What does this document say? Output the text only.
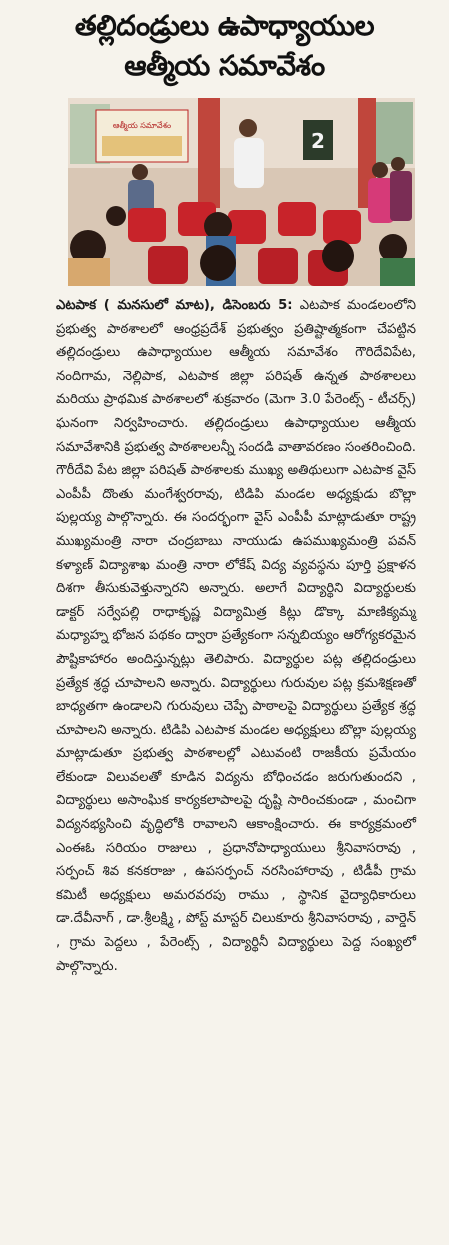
తల్లిదండ్రులు ఉపాధ్యాయుల
ఆత్మీయ సమావేశం
ఆత్మీయ సమావేశం
2

ఎటపాక ( మనసులో మాట), డిసెంబరు 5: ఎటపాక మండలంలోని ప్రభుత్వ పాఠశాలలో ఆంధ్రప్రదేశ్ ప్రభుత్వం ప్రతిష్టాత్మకంగా చేపట్టిన తల్లిదండ్రులు ఉపాధ్యాయుల ఆత్మీయ సమావేశం గౌరిదేవిపేట, నందిగామ, నెల్లిపాక, ఎటపాక జిల్లా పరిషత్ ఉన్నత పాఠశాలలు మరియు ప్రాథమిక పాఠశాలలో శుక్రవారం (మెగా 3.0 పేరెంట్స్ - టీచర్స్) ఘనంగా నిర్వహించారు. తల్లిదండ్రులు ఉపాధ్యాయుల ఆత్మీయ సమావేశానికి ప్రభుత్వ పాఠశాలలన్నీ సందడి వాతావరణం సంతరించింది. గౌరీదేవి పేట జిల్లా పరిషత్ పాఠశాలకు ముఖ్య అతిథులుగా ఎటపాక వైస్ ఎంపీపీ దొంతు మంగేశ్వరరావు, టిడిపి మండల అధ్యక్షుడు బొల్లా పుల్లయ్య పాల్గొన్నారు. ఈ సందర్భంగా వైస్ ఎంపీపీ మాట్లాడుతూ రాష్ట్ర ముఖ్యమంత్రి నారా చంద్రబాబు నాయుడు ఉపముఖ్యమంత్రి పవన్ కళ్యాణ్ విద్యాశాఖ మంత్రి నారా లోకేష్ విద్య వ్యవస్థను పూర్తి ప్రక్షాళన దిశగా తీసుకువెళ్తున్నారని అన్నారు. అలాగే విద్యార్థిని విద్యార్థులకు డాక్టర్ సర్వేపల్లి రాధాకృష్ణ విద్యామిత్ర కిట్లు డొక్కా మాణిక్యమ్మ మధ్యాహ్న భోజన పథకం ద్వారా ప్రత్యేకంగా సన్నబియ్యం ఆరోగ్యకరమైన పౌష్టికాహారం అందిస్తున్నట్లు తెలిపారు. విద్యార్థుల పట్ల తల్లిదండ్రులు ప్రత్యేక శ్రద్ధ చూపాలని అన్నారు. విద్యార్థులు గురువుల పట్ల క్రమశిక్షణతో బాధ్యతగా ఉండాలని గురువులు చెప్పే పాఠాలపై విద్యార్థులు ప్రత్యేక శ్రద్ధ చూపాలని అన్నారు. టిడిపి ఎటపాక మండల అధ్యక్షులు బొల్లా పుల్లయ్య మాట్లాడుతూ ప్రభుత్వ పాఠశాలల్లో ఎటువంటి రాజకీయ ప్రమేయం లేకుండా విలువలతో కూడిన విద్యను బోధించడం జరుగుతుందని , విద్యార్థులు అసాంఘిక కార్యకలాపాలపై దృష్టి సారించకుండా , మంచిగా విద్యనభ్యసించి వృద్ధిలోకి రావాలని ఆకాంక్షించారు. ఈ కార్యక్రమంలో ఎంఈఓ సరియం రాజులు , ప్రధానోపాధ్యాయులు శ్రీనివాసరావు , సర్పంచ్ శివ కనకరాజు , ఉపసర్పంచ్ నరసింహారావు , టిడీపీ గ్రామ కమిటీ అధ్యక్షులు అమరవరపు రాము , స్థానిక వైద్యాధికారులు డా.దేవీనాగ్ , డా.శ్రీలక్ష్మి , పోస్ట్ మాస్టర్ చిలుకూరు శ్రీనివాసరావు , వార్డెన్ , గ్రామ పెద్దలు , పేరెంట్స్ , విద్యార్థినీ విద్యార్థులు పెద్ద సంఖ్యలో పాల్గొన్నారు.
